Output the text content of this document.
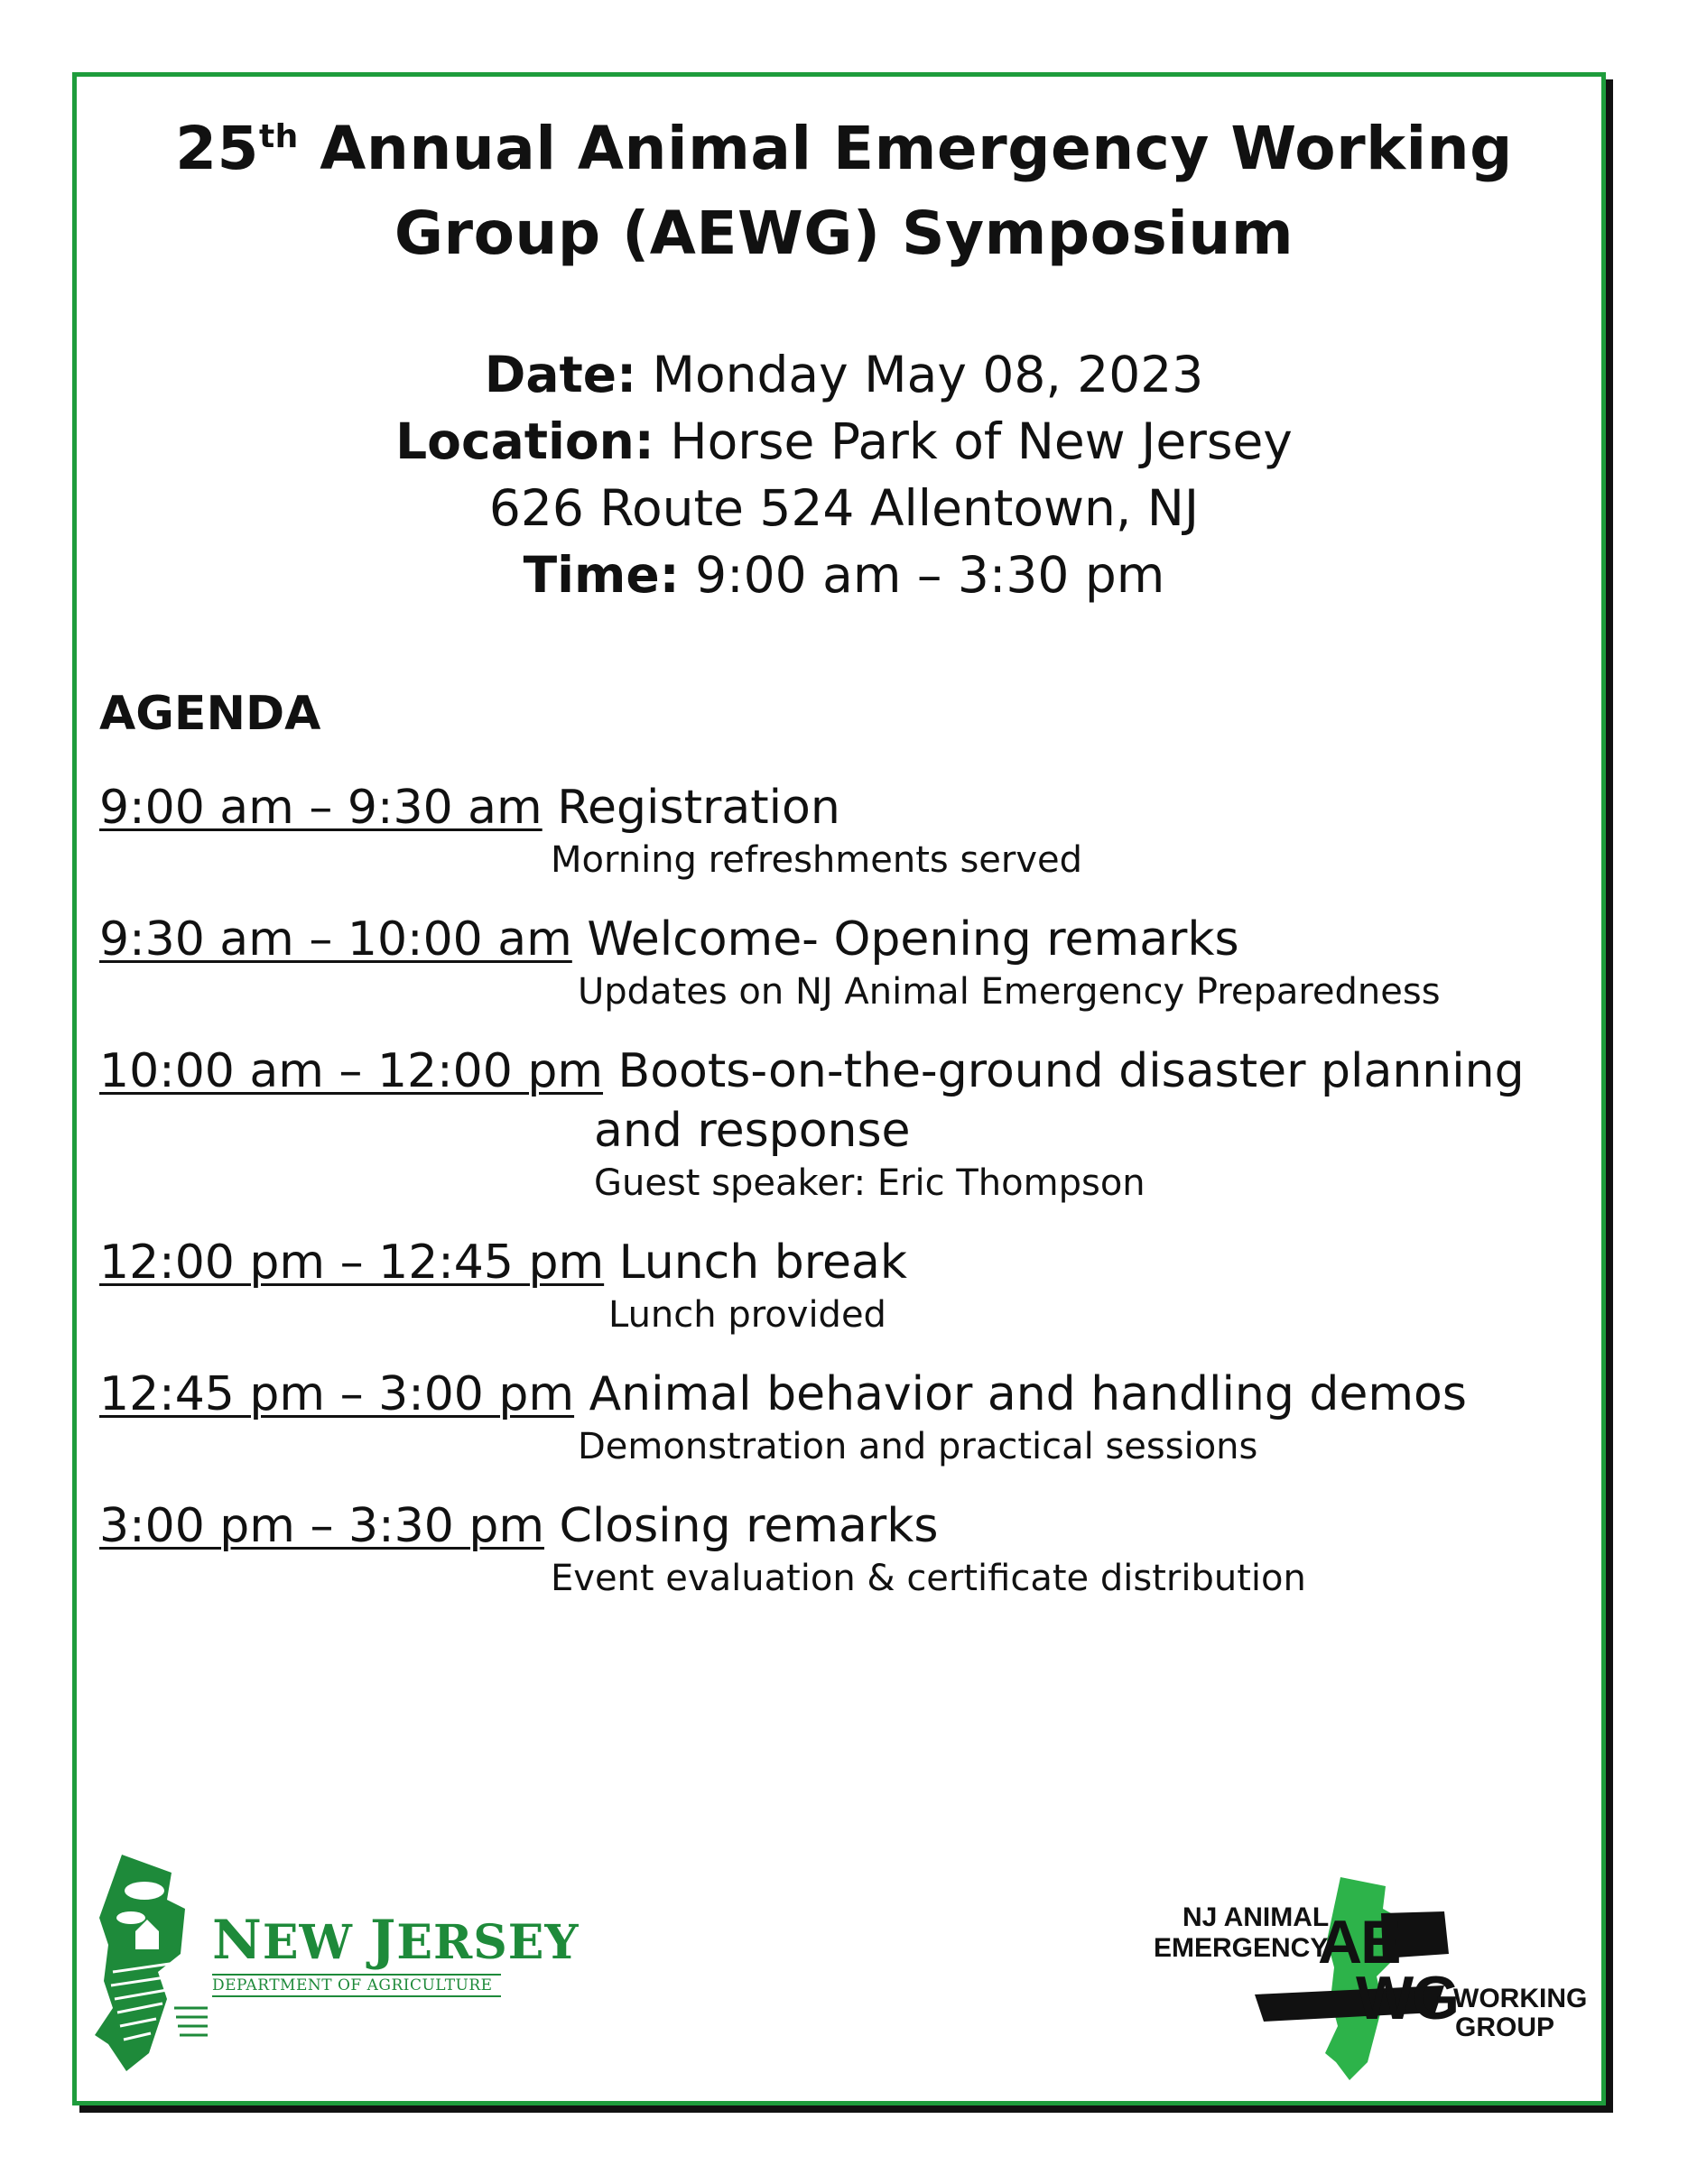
25th Annual Animal Emergency Working
Group (AEWG) Symposium
Date: Monday May 08, 2023
Location: Horse Park of New Jersey
626 Route 524 Allentown, NJ
Time: 9:00 am – 3:30 pm
AGENDA
9:00 am – 9:30 am Registration
Morning refreshments served
9:30 am – 10:00 am Welcome- Opening remarks
Updates on NJ Animal Emergency Preparedness
10:00 am – 12:00 pm Boots-on-the-ground disaster planning
and response
Guest speaker: Eric Thompson
12:00 pm – 12:45 pm Lunch break
Lunch provided
12:45 pm – 3:00 pm Animal behavior and handling demos
Demonstration and practical sessions
3:00 pm – 3:30 pm Closing remarks
Event evaluation & certificate distribution
NEW JERSEY
DEPARTMENT OF AGRICULTURE
NJ ANIMAL
EMERGENCY
AE
WG
WORKING
GROUP
